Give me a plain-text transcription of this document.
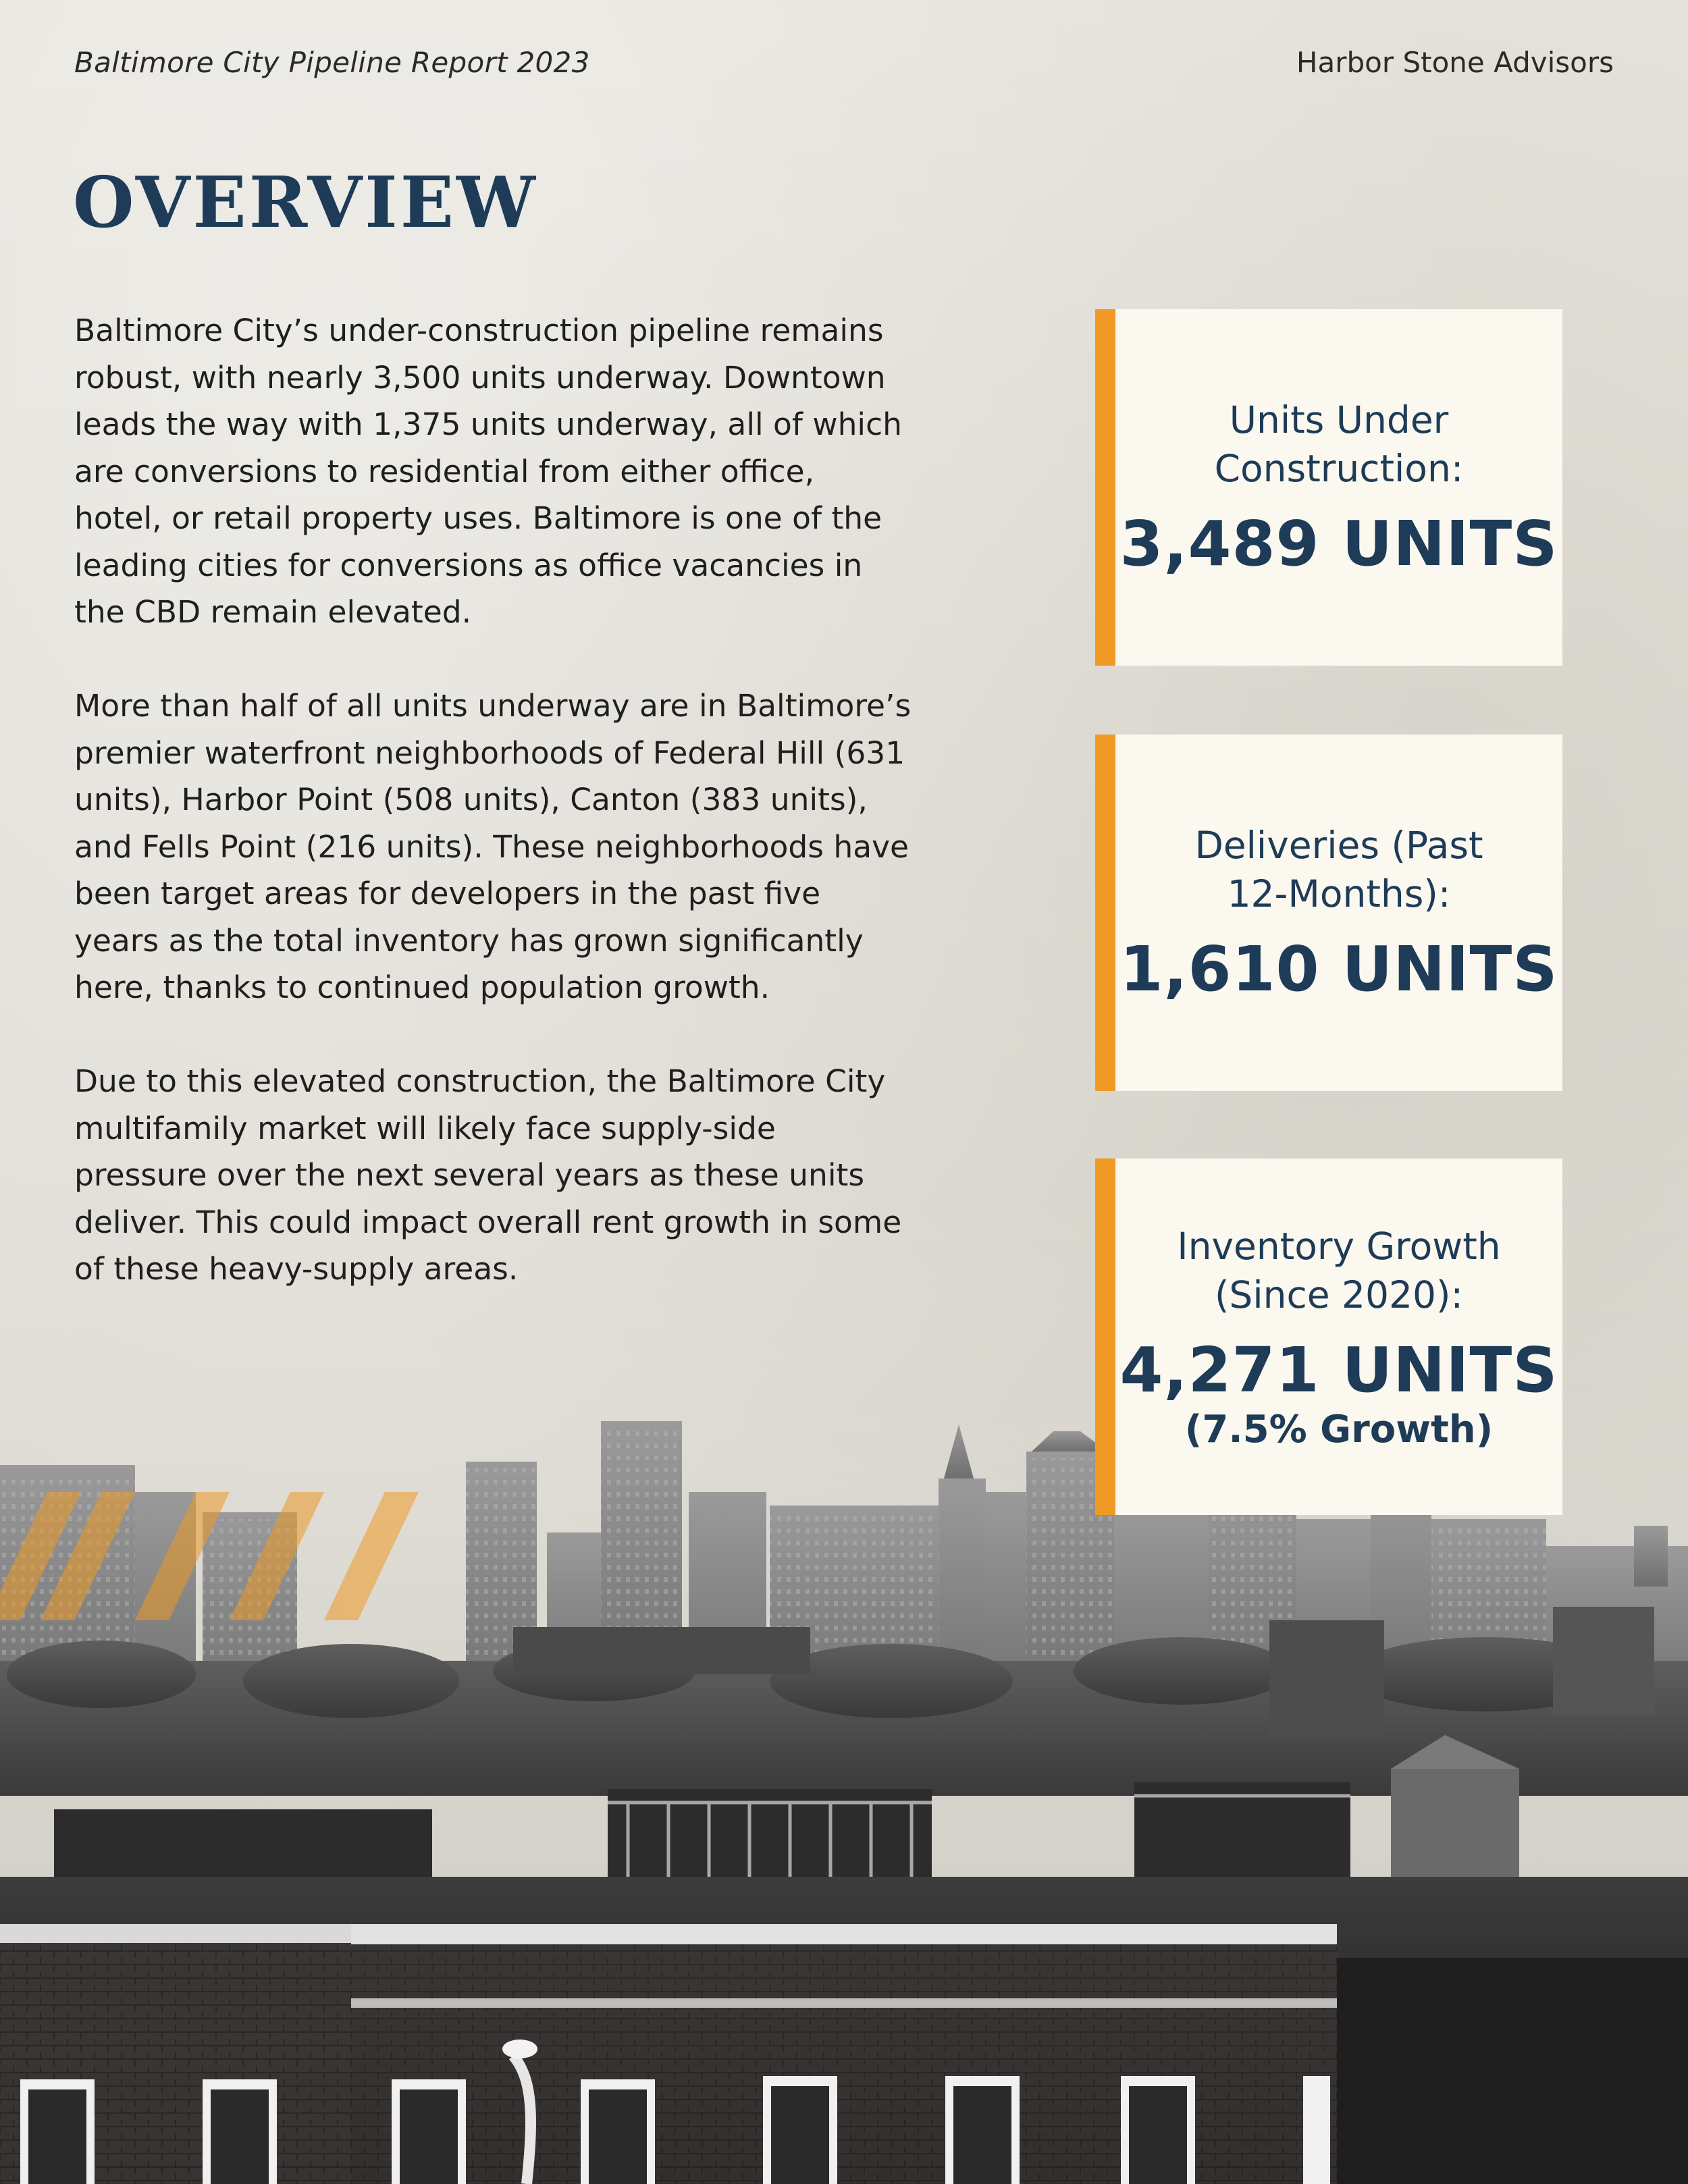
Baltimore City Pipeline Report 2023	Harbor Stone Advisors
OVERVIEW

Baltimore City’s under-construction pipeline remains robust, with nearly 3,500 units underway. Downtown leads the way with 1,375 units underway, all of which are conversions to residential from either office, hotel, or retail property uses. Baltimore is one of the leading cities for conversions as office vacancies in the CBD remain elevated.

More than half of all units underway are in Baltimore’s premier waterfront neighborhoods of Federal Hill (631 units), Harbor Point (508 units), Canton (383 units), and Fells Point (216 units). These neighborhoods have been target areas for developers in the past five years as the total inventory has grown significantly here, thanks to continued population growth.

Due to this elevated construction, the Baltimore City multifamily market will likely face supply-side pressure over the next several years as these units deliver. This could impact overall rent growth in some of these heavy-supply areas.

Units Under
Construction:
3,489 UNITS
Deliveries (Past
12-Months):
1,610 UNITS
Inventory Growth
(Since 2020):
4,271 UNITS
(7.5% Growth)
